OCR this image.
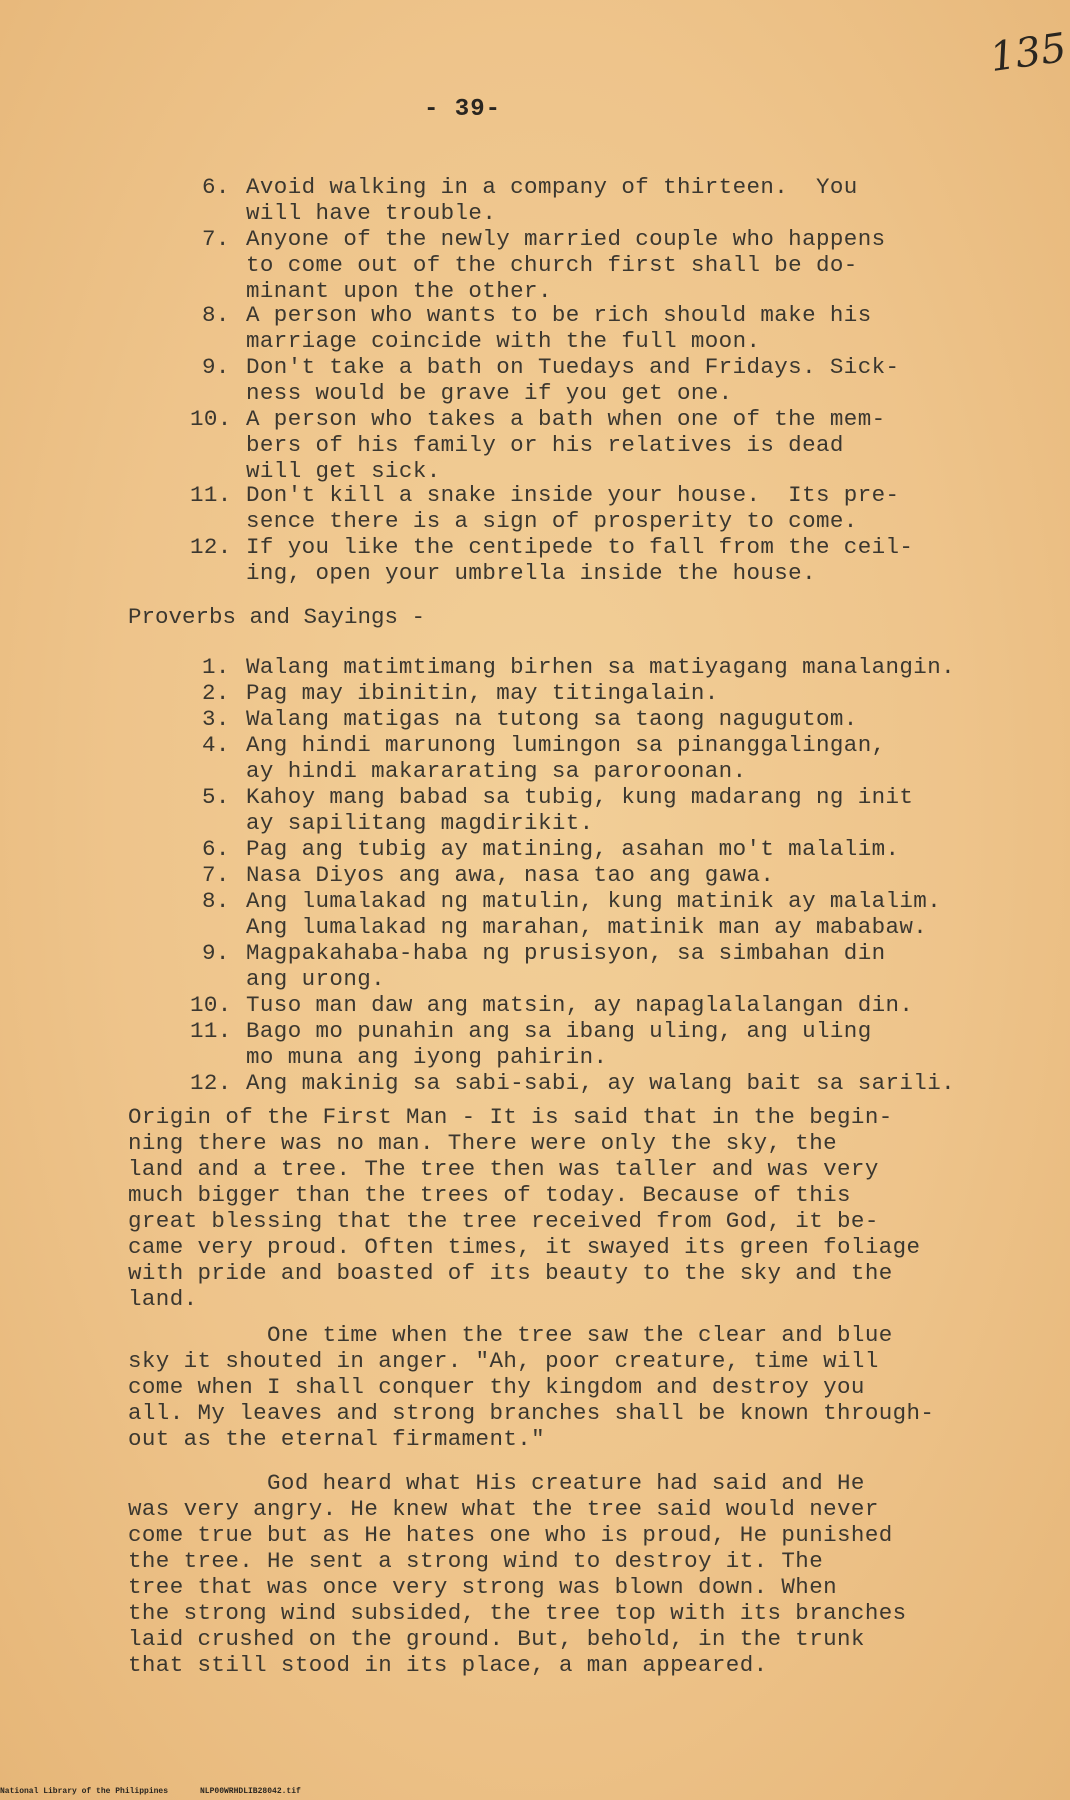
135
- 39-
6. Avoid walking in a company of thirteen.  You
will have trouble.
7. Anyone of the newly married couple who happens
to come out of the church first shall be do-
minant upon the other.
8. A person who wants to be rich should make his
marriage coincide with the full moon.
9. Don't take a bath on Tuedays and Fridays. Sick-
ness would be grave if you get one.
10. A person who takes a bath when one of the mem-
bers of his family or his relatives is dead
will get sick.
11. Don't kill a snake inside your house.  Its pre-
sence there is a sign of prosperity to come.
12. If you like the centipede to fall from the ceil-
ing, open your umbrella inside the house.
Proverbs and Sayings -
1. Walang matimtimang birhen sa matiyagang manalangin.
2. Pag may ibinitin, may titingalain.
3. Walang matigas na tutong sa taong nagugutom.
4. Ang hindi marunong lumingon sa pinanggalingan,
ay hindi makararating sa paroroonan.
5. Kahoy mang babad sa tubig, kung madarang ng init
ay sapilitang magdirikit.
6. Pag ang tubig ay matining, asahan mo't malalim.
7. Nasa Diyos ang awa, nasa tao ang gawa.
8. Ang lumalakad ng matulin, kung matinik ay malalim.
Ang lumalakad ng marahan, matinik man ay mababaw.
9. Magpakahaba-haba ng prusisyon, sa simbahan din
ang urong.
10. Tuso man daw ang matsin, ay napaglalalangan din.
11. Bago mo punahin ang sa ibang uling, ang uling
mo muna ang iyong pahirin.
12. Ang makinig sa sabi-sabi, ay walang bait sa sarili.
Origin of the First Man - It is said that in the begin-
ning there was no man. There were only the sky, the
land and a tree. The tree then was taller and was very
much bigger than the trees of today. Because of this
great blessing that the tree received from God, it be-
came very proud. Often times, it swayed its green foliage
with pride and boasted of its beauty to the sky and the
land.
One time when the tree saw the clear and blue
sky it shouted in anger. "Ah, poor creature, time will
come when I shall conquer thy kingdom and destroy you
all. My leaves and strong branches shall be known through-
out as the eternal firmament."
God heard what His creature had said and He
was very angry. He knew what the tree said would never
come true but as He hates one who is proud, He punished
the tree. He sent a strong wind to destroy it. The
tree that was once very strong was blown down. When
the strong wind subsided, the tree top with its branches
laid crushed on the ground. But, behold, in the trunk
that still stood in its place, a man appeared.
National Library of the Philippines	NLP00WRHDLIB28042.tif
